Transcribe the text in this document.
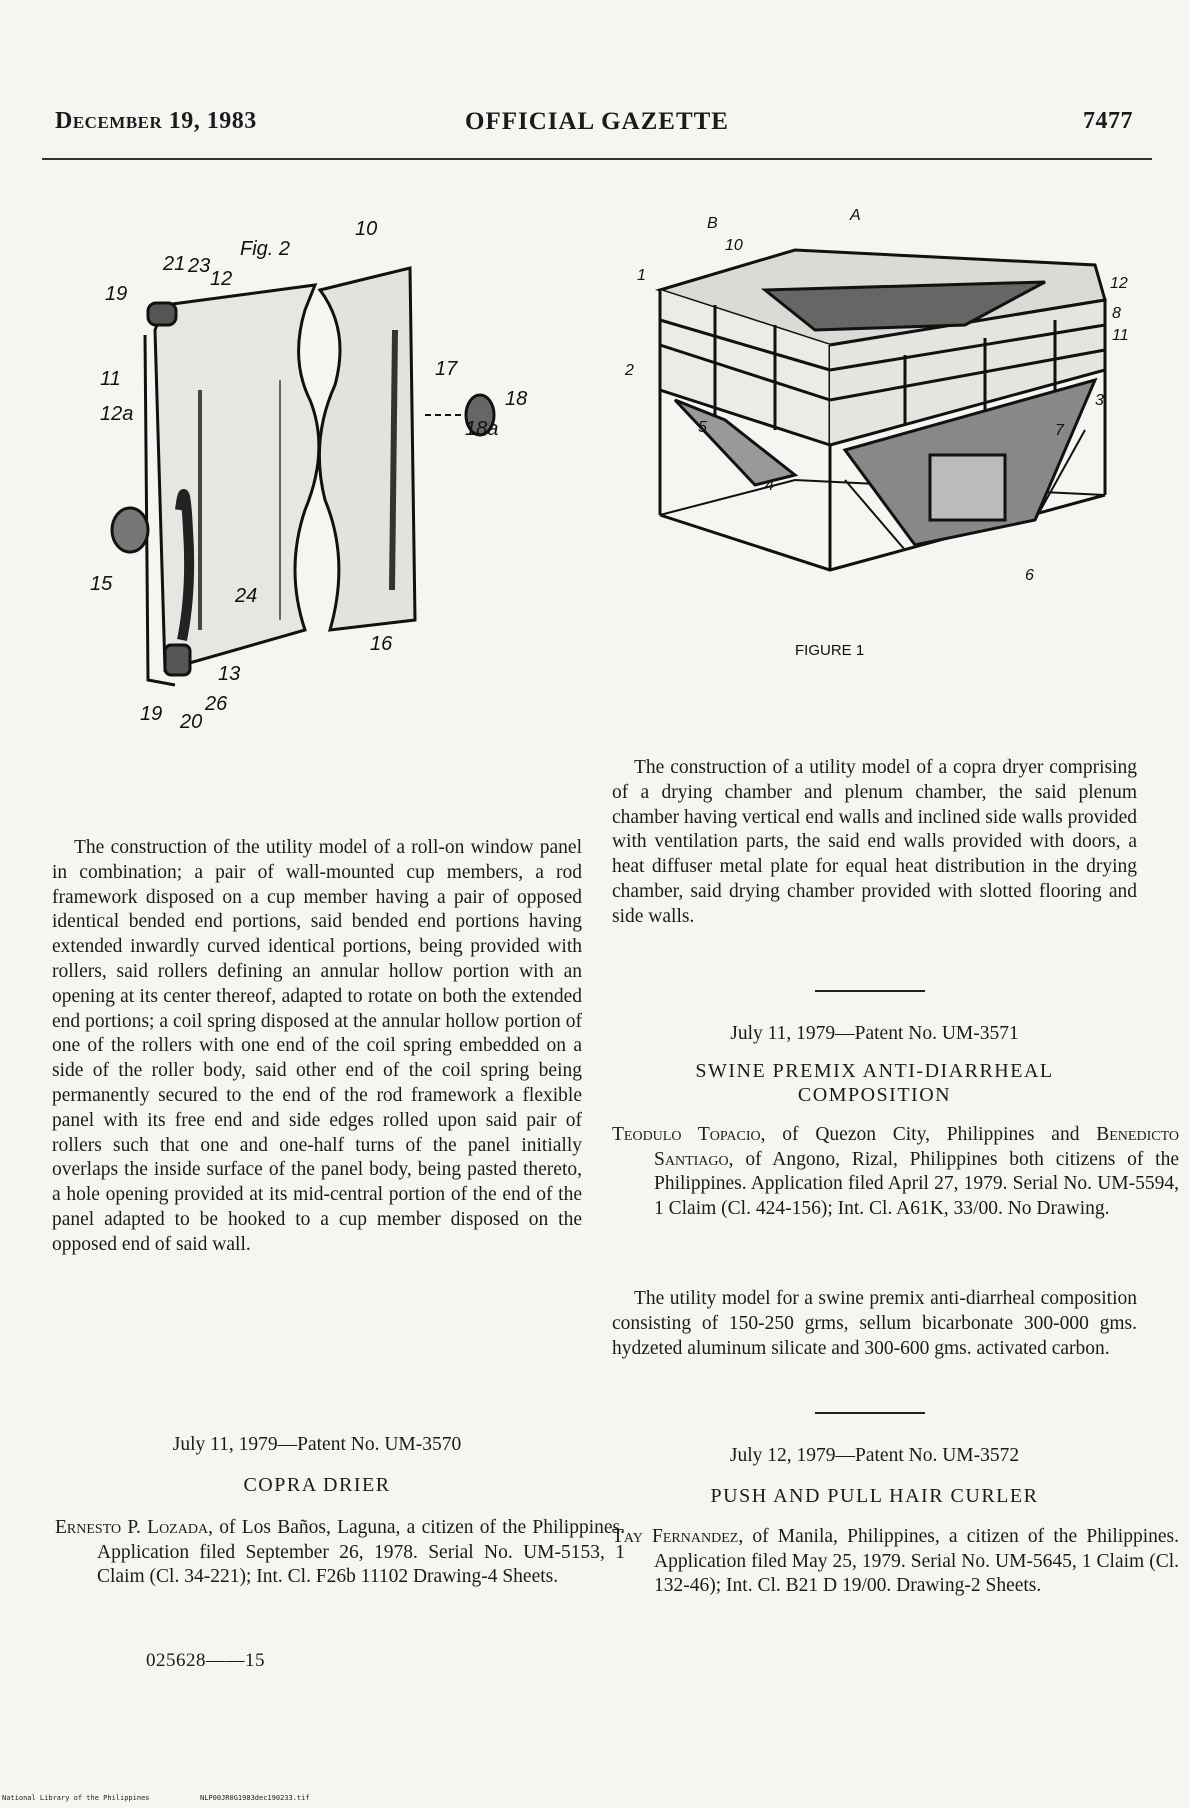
December 19, 1983	OFFICIAL GAZETTE	7477
Fig. 2
10
19
21 23
12
11
12a
17
18
18a
15
24
16
13
26
19 20
B	A
10
1	12
8
11
2
3
5
4
7
6
FIGURE 1

The construction of the utility model of a roll-on window panel in combination; a pair of wall-mounted cup members, a rod framework disposed on a cup member having a pair of opposed identical bended end portions, said bended end portions having extended inwardly curved identical portions, being provided with rollers, said rollers defining an annular hollow portion with an opening at its center thereof, adapted to rotate on both the extended end portions; a coil spring disposed at the annular hollow portion of one of the rollers with one end of the coil spring embedded on a side of the roller body, said other end of the coil spring being permanently secured to the end of the rod framework a flexible panel with its free end and side edges rolled upon said pair of rollers such that one and one-half turns of the panel initially overlaps the inside surface of the panel body, being pasted thereto, a hole opening provided at its mid-central portion of the end of the panel adapted to be hooked to a cup member disposed on the opposed end of said wall.

July 11, 1979—Patent No. UM-3570
COPRA DRIER

Ernesto P. Lozada, of Los Baños, Laguna, a citizen of the Philippines. Application filed September 26, 1978. Serial No. UM-5153, 1 Claim (Cl. 34-221); Int. Cl. F26b 11102 Drawing-4 Sheets.

025628——15

The construction of a utility model of a copra dryer comprising of a drying chamber and plenum chamber, the said plenum chamber having vertical end walls and inclined side walls provided with ventilation parts, the said end walls provided with doors, a heat diffuser metal plate for equal heat distribution in the drying chamber, said drying chamber provided with slotted flooring and side walls.

July 11, 1979—Patent No. UM-3571
SWINE PREMIX ANTI-DIARRHEAL
COMPOSITION

Teodulo Topacio, of Quezon City, Philippines and Benedicto Santiago, of Angono, Rizal, Philippines both citizens of the Philippines. Application filed April 27, 1979. Serial No. UM-5594, 1 Claim (Cl. 424-156); Int. Cl. A61K, 33/00. No Drawing.

The utility model for a swine premix anti-diarrheal composition consisting of 150-250 grms, sellum bicarbonate 300-000 gms. hydzeted aluminum silicate and 300-600 gms. activated carbon.

July 12, 1979—Patent No. UM-3572
PUSH AND PULL HAIR CURLER

Tay Fernandez, of Manila, Philippines, a citizen of the Philippines. Application filed May 25, 1979. Serial No. UM-5645, 1 Claim (Cl. 132-46); Int. Cl. B21 D 19/00. Drawing-2 Sheets.

National Library of the Philippines	NLP00JR0G1983dec190233.tif
